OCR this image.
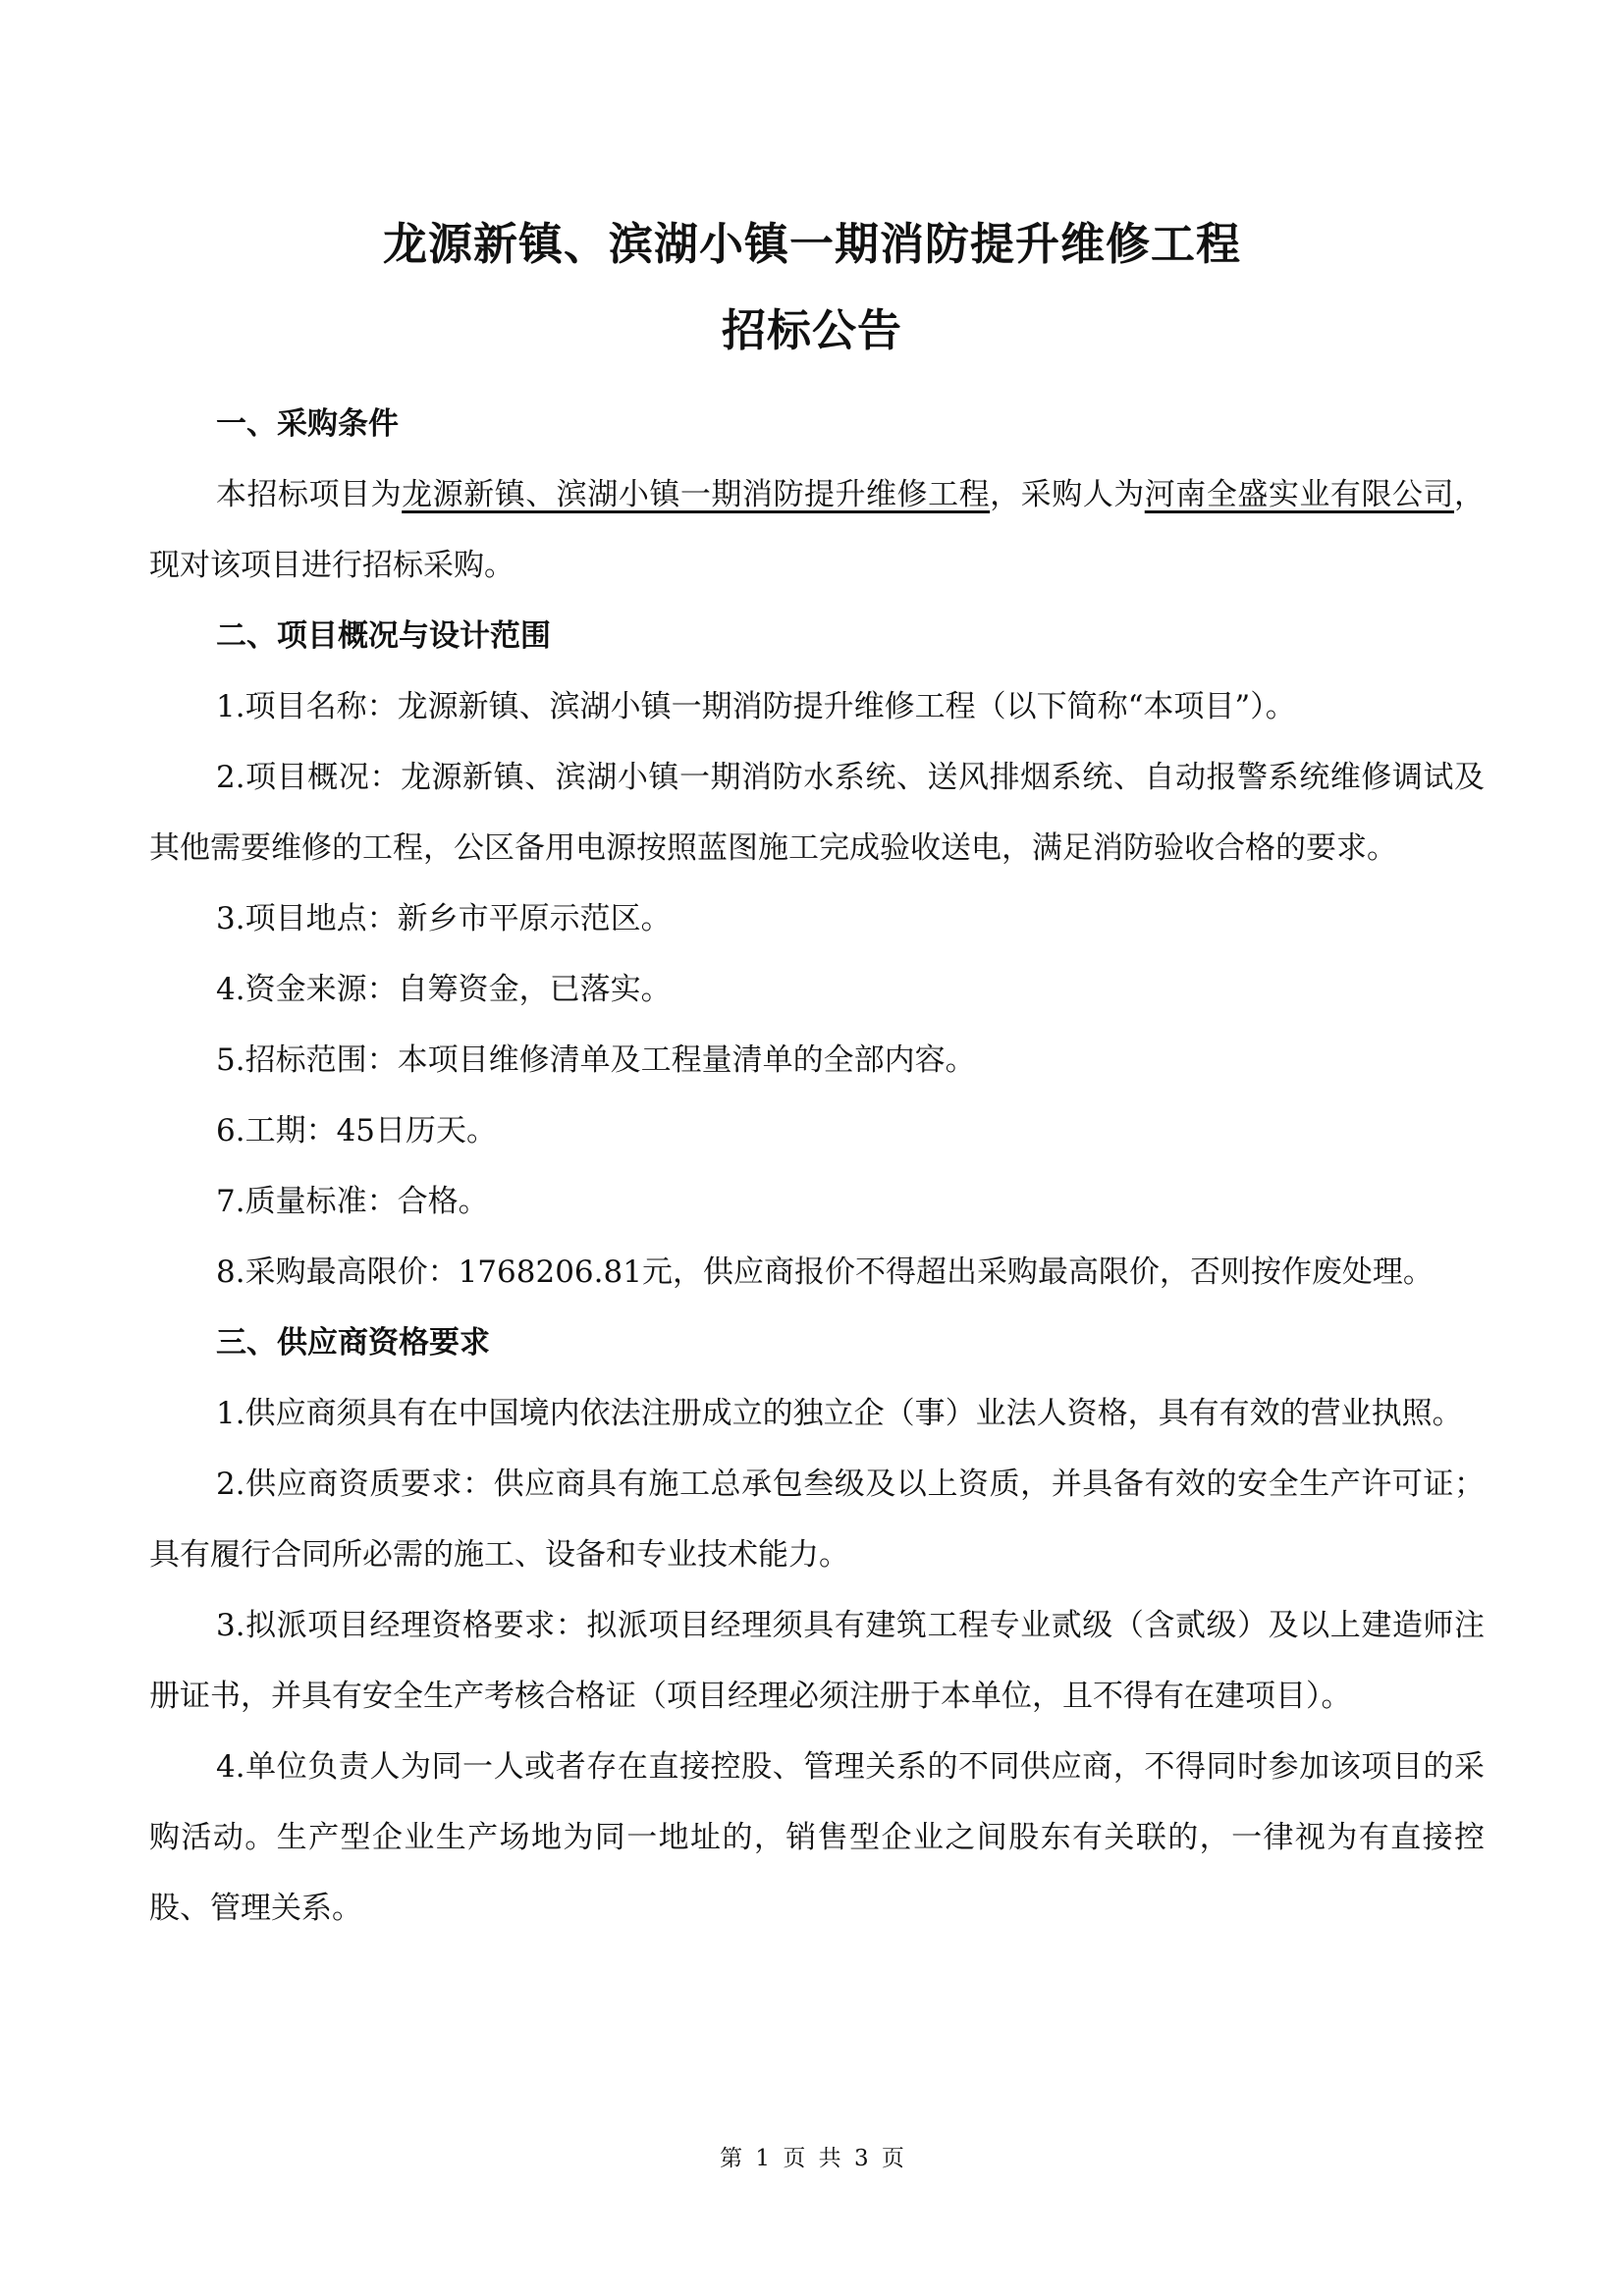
龙源新镇、滨湖小镇一期消防提升维修工程
招标公告
一、采购条件

本招标项目为龙源新镇、滨湖小镇一期消防提升维修工程，采购人为河南全盛实业有限公司，现对该项目进行招标采购。

二、项目概况与设计范围

1.项目名称：龙源新镇、滨湖小镇一期消防提升维修工程（以下简称“本项目”）。

2.项目概况：龙源新镇、滨湖小镇一期消防水系统、送风排烟系统、自动报警系统维修调试及其他需要维修的工程，公区备用电源按照蓝图施工完成验收送电，满足消防验收合格的要求。

3.项目地点：新乡市平原示范区。

4.资金来源：自筹资金，已落实。

5.招标范围：本项目维修清单及工程量清单的全部内容。

6.工期：45日历天。

7.质量标准：合格。

8.采购最高限价：1768206.81元，供应商报价不得超出采购最高限价，否则按作废处理。

三、供应商资格要求

1.供应商须具有在中国境内依法注册成立的独立企（事）业法人资格，具有有效的营业执照。

2.供应商资质要求：供应商具有施工总承包叁级及以上资质，并具备有效的安全生产许可证；具有履行合同所必需的施工、设备和专业技术能力。

3.拟派项目经理资格要求：拟派项目经理须具有建筑工程专业贰级（含贰级）及以上建造师注册证书，并具有安全生产考核合格证（项目经理必须注册于本单位，且不得有在建项目）。

4.单位负责人为同一人或者存在直接控股、管理关系的不同供应商，不得同时参加该项目的采购活动。生产型企业生产场地为同一地址的，销售型企业之间股东有关联的，一律视为有直接控股、管理关系。

第 1 页 共 3 页
